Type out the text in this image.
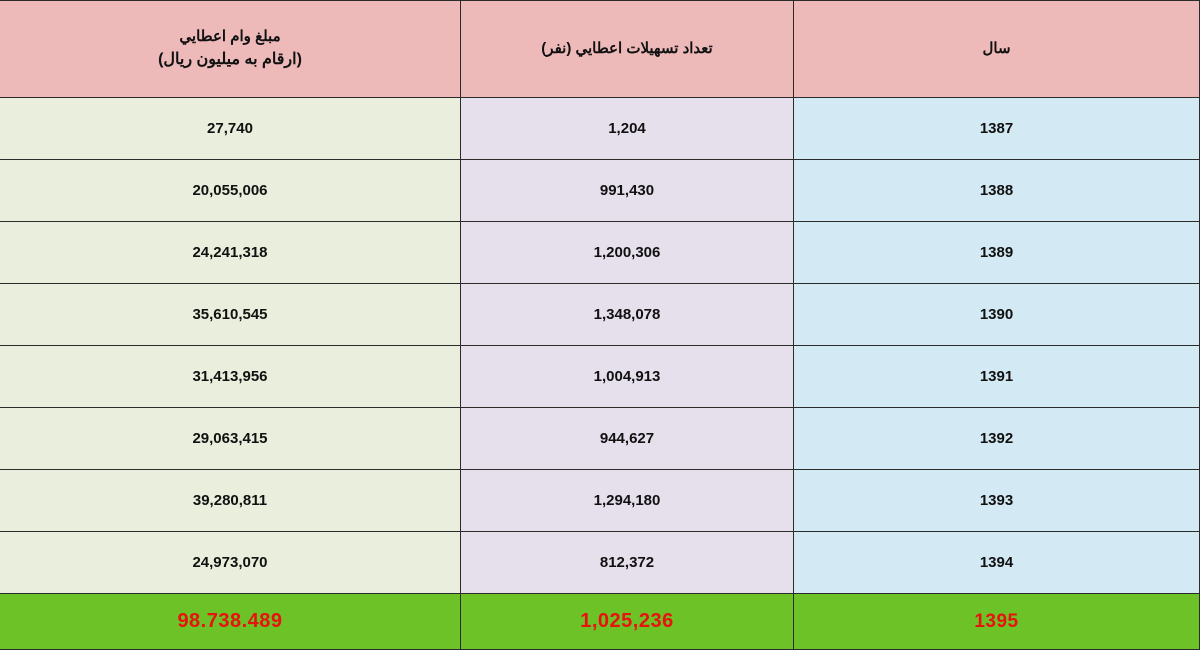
سال	تعداد تسهيلات اعطايي (نفر)	مبلغ وام اعطايي
(ارقام به ميليون ريال)

1387	1,204	27,740
1388	991,430	20,055,006
1389	1,200,306	24,241,318
1390	1,348,078	35,610,545
1391	1,004,913	31,413,956
1392	944,627	29,063,415
1393	1,294,180	39,280,811
1394	812,372	24,973,070
1395	1,025,236	98.738.489
